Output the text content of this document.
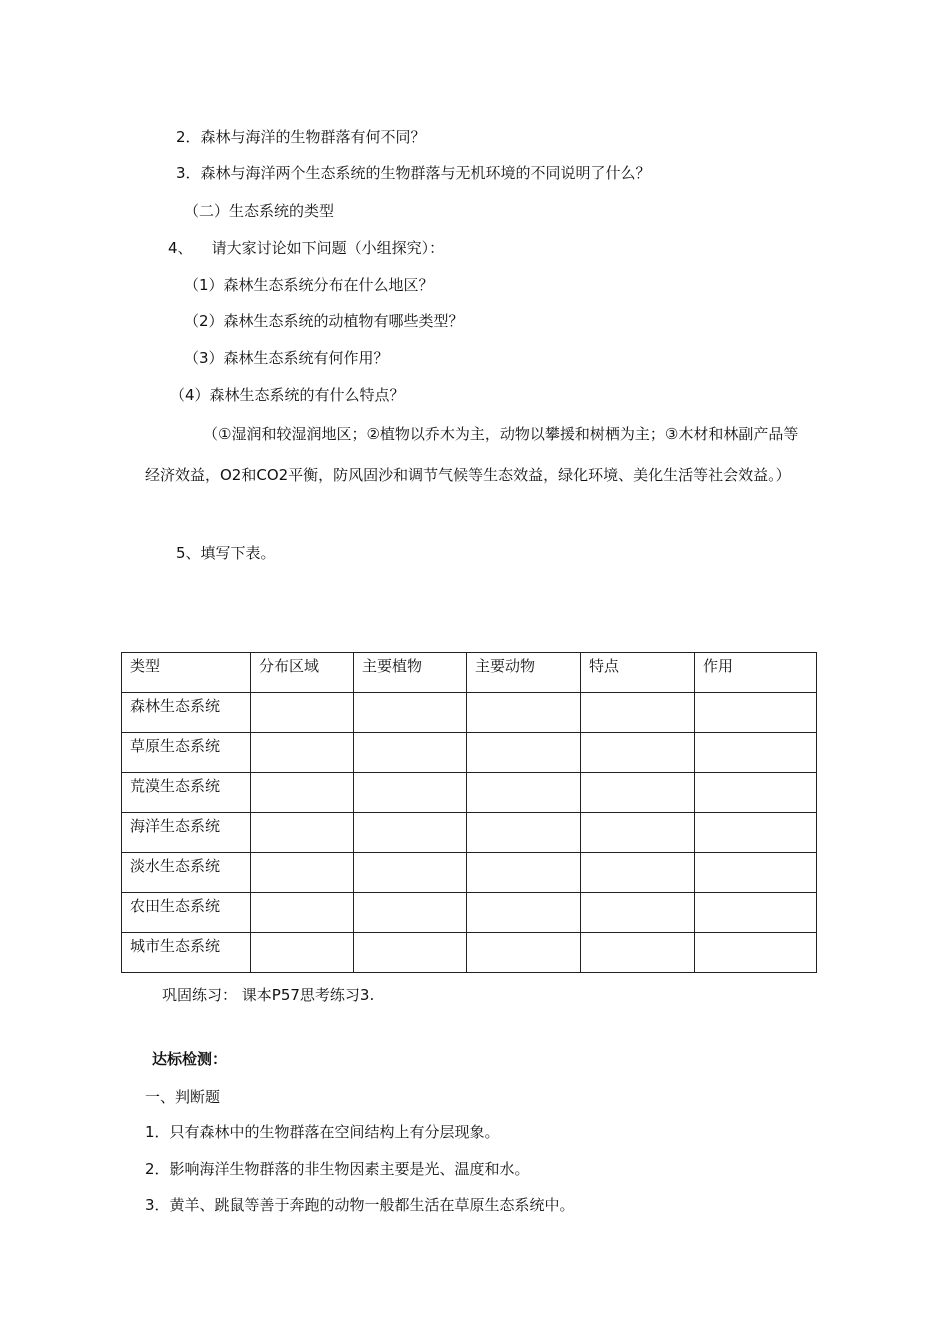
2．森林与海洋的生物群落有何不同？
3．森林与海洋两个生态系统的生物群落与无机环境的不同说明了什么？
（二）生态系统的类型
4、    请大家讨论如下问题（小组探究）：
（1）森林生态系统分布在什么地区？
（2）森林生态系统的动植物有哪些类型？
（3）森林生态系统有何作用？
（4）森林生态系统的有什么特点？
（①湿润和较湿润地区；②植物以乔木为主，动物以攀援和树栖为主；③木材和林副产品等经济效益，O2和CO2平衡，防风固沙和调节气候等生态效益，绿化环境、美化生活等社会效益。）
5、填写下表。
类型	分布区域	主要植物	主要动物	特点	作用
森林生态系统					
草原生态系统					
荒漠生态系统					
海洋生态系统					
淡水生态系统					
农田生态系统					
城市生态系统					
巩固练习： 课本P57思考练习3.
达标检测：
一、判断题
1．只有森林中的生物群落在空间结构上有分层现象。
2．影响海洋生物群落的非生物因素主要是光、温度和水。
3．黄羊、跳鼠等善于奔跑的动物一般都生活在草原生态系统中。
